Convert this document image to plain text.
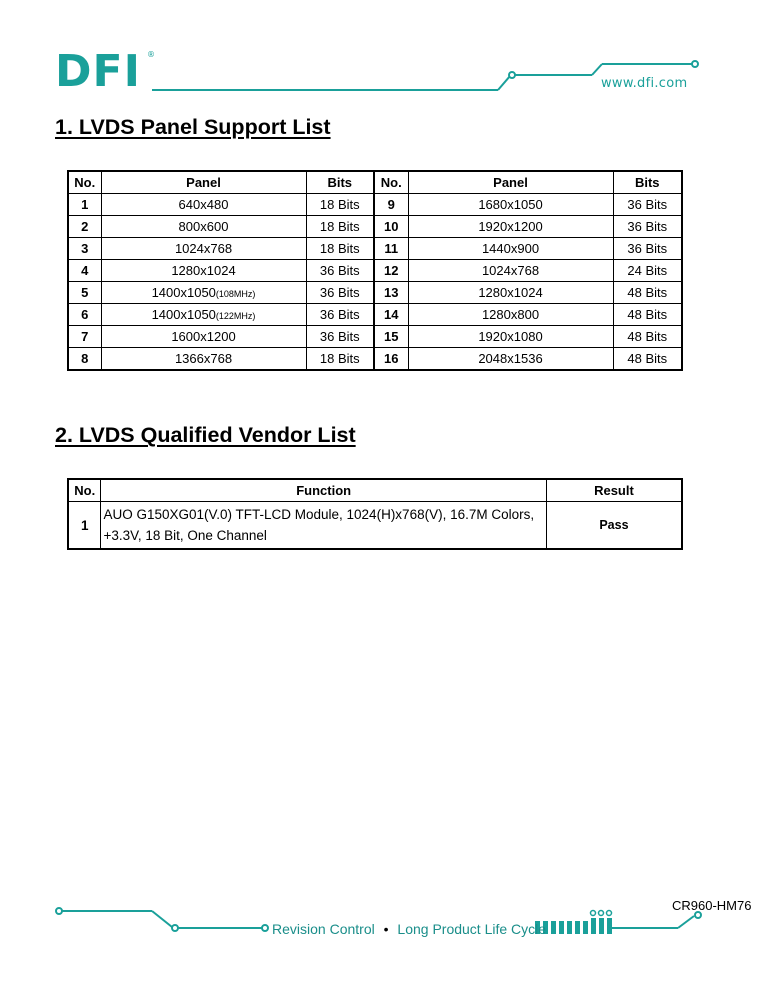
DFI ®
www.dfi.com
1. LVDS Panel Support List
No.	Panel	Bits	No.	Panel	Bits
1	640x480	18 Bits	9	1680x1050	36 Bits
2	800x600	18 Bits	10	1920x1200	36 Bits
3	1024x768	18 Bits	11	1440x900	36 Bits
4	1280x1024	36 Bits	12	1024x768	24 Bits
5	1400x1050(108MHz)	36 Bits	13	1280x1024	48 Bits
6	1400x1050(122MHz)	36 Bits	14	1280x800	48 Bits
7	1600x1200	36 Bits	15	1920x1080	48 Bits
8	1366x768	18 Bits	16	2048x1536	48 Bits
2. LVDS Qualified Vendor List
No.	Function	Result
1	AUO G150XG01(V.0) TFT-LCD Module, 1024(H)x768(V), 16.7M Colors,
+3.3V, 18 Bit, One Channel	Pass
CR960-HM76
Revision Control • Long Product Life Cycle
